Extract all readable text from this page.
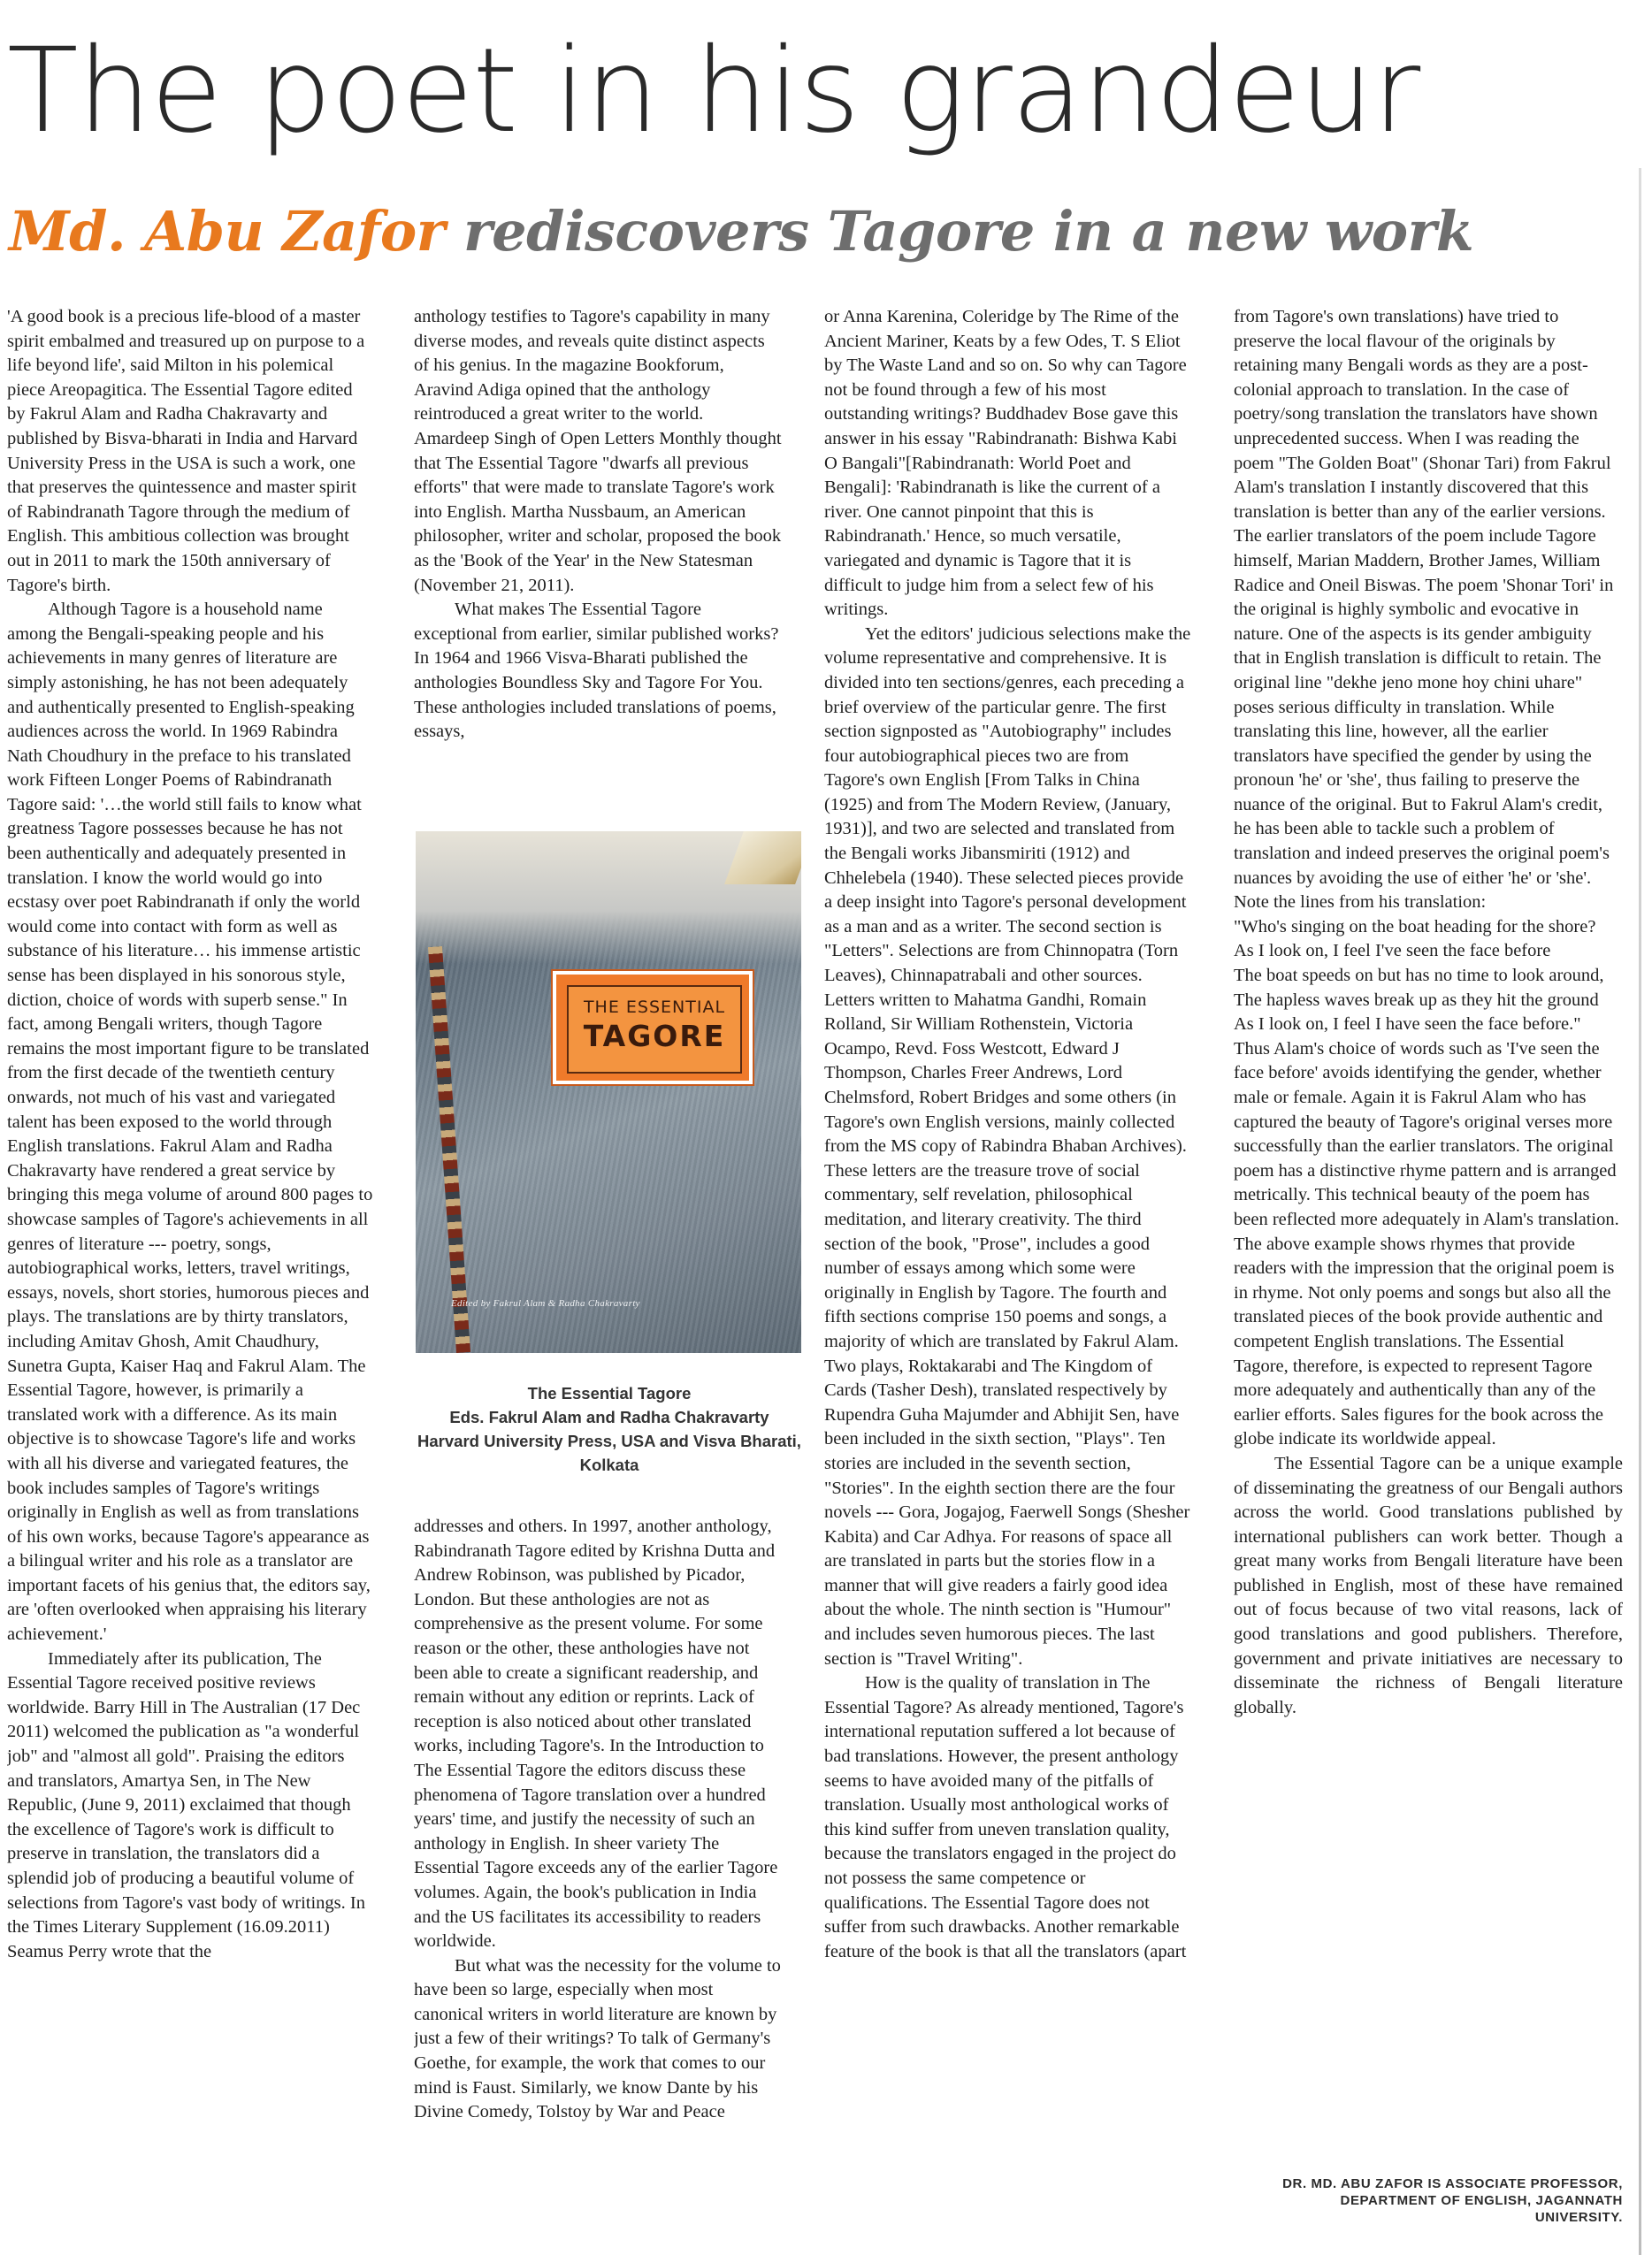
The poet in his grandeur
Md. Abu Zafor rediscovers Tagore in a new work

'A good book is a precious life-blood of a master spirit embalmed and treasured up on purpose to a life beyond life', said Milton in his polemical piece Areopagitica. The Essential Tagore edited by Fakrul Alam and Radha Chakravarty and published by Bisva-bharati in India and Harvard University Press in the USA is such a work, one that preserves the quintessence and master spirit of Rabindranath Tagore through the medium of English. This ambitious collection was brought out in 2011 to mark the 150th anniversary of Tagore's birth.

Although Tagore is a household name among the Bengali-speaking people and his achievements in many genres of literature are simply astonishing, he has not been adequately and authentically presented to English-speaking audiences across the world. In 1969 Rabindra Nath Choudhury in the preface to his translated work Fifteen Longer Poems of Rabindranath Tagore said: '…the world still fails to know what greatness Tagore possesses because he has not been authentically and adequately presented in translation. I know the world would go into ecstasy over poet Rabindranath if only the world would come into contact with form as well as substance of his literature… his immense artistic sense has been displayed in his sonorous style, diction, choice of words with superb sense." In fact, among Bengali writers, though Tagore remains the most important figure to be translated from the first decade of the twentieth century onwards, not much of his vast and variegated talent has been exposed to the world through English translations. Fakrul Alam and Radha Chakravarty have rendered a great service by bringing this mega volume of around 800 pages to showcase samples of Tagore's achievements in all genres of literature --- poetry, songs, autobiographical works, letters, travel writings, essays, novels, short stories, humorous pieces and plays. The translations are by thirty translators, including Amitav Ghosh, Amit Chaudhury, Sunetra Gupta, Kaiser Haq and Fakrul Alam. The Essential Tagore, however, is primarily a translated work with a difference. As its main objective is to showcase Tagore's life and works with all his diverse and variegated features, the book includes samples of Tagore's writings originally in English as well as from translations of his own works, because Tagore's appearance as a bilingual writer and his role as a translator are important facets of his genius that, the editors say, are 'often overlooked when appraising his literary achievement.'

Immediately after its publication, The Essential Tagore received positive reviews worldwide. Barry Hill in The Australian (17 Dec 2011) welcomed the publication as "a wonderful job" and "almost all gold". Praising the editors and translators, Amartya Sen, in The New Republic, (June 9, 2011) exclaimed that though the excellence of Tagore's work is difficult to preserve in translation, the translators did a splendid job of producing a beautiful volume of selections from Tagore's vast body of writings. In the Times Literary Supplement (16.09.2011) Seamus Perry wrote that the

anthology testifies to Tagore's capability in many diverse modes, and reveals quite distinct aspects of his genius. In the magazine Bookforum, Aravind Adiga opined that the anthology reintroduced a great writer to the world. Amardeep Singh of Open Letters Monthly thought that The Essential Tagore "dwarfs all previous efforts" that were made to translate Tagore's work into English. Martha Nussbaum, an American philosopher, writer and scholar, proposed the book as the 'Book of the Year' in the New Statesman (November 21, 2011).

What makes The Essential Tagore exceptional from earlier, similar published works? In 1964 and 1966 Visva-Bharati published the anthologies Boundless Sky and Tagore For You. These anthologies included translations of poems, essays,

THE ESSENTIAL
TAGORE
Edited by Fakrul Alam & Radha Chakravarty
The Essential Tagore
Eds. Fakrul Alam and Radha Chakravarty
Harvard University Press, USA and Visva Bharati, Kolkata

addresses and others. In 1997, another anthology, Rabindranath Tagore edited by Krishna Dutta and Andrew Robinson, was published by Picador, London. But these anthologies are not as comprehensive as the present volume. For some reason or the other, these anthologies have not been able to create a significant readership, and remain without any edition or reprints. Lack of reception is also noticed about other translated works, including Tagore's. In the Introduction to The Essential Tagore the editors discuss these phenomena of Tagore translation over a hundred years' time, and justify the necessity of such an anthology in English. In sheer variety The Essential Tagore exceeds any of the earlier Tagore volumes. Again, the book's publication in India and the US facilitates its accessibility to readers worldwide.

But what was the necessity for the volume to have been so large, especially when most canonical writers in world literature are known by just a few of their writings? To talk of Germany's Goethe, for example, the work that comes to our mind is Faust. Similarly, we know Dante by his Divine Comedy, Tolstoy by War and Peace

or Anna Karenina, Coleridge by The Rime of the Ancient Mariner, Keats by a few Odes, T. S Eliot by The Waste Land and so on. So why can Tagore not be found through a few of his most outstanding writings? Buddhadev Bose gave this answer in his essay "Rabindranath: Bishwa Kabi O Bangali"[Rabindranath: World Poet and Bengali]: 'Rabindranath is like the current of a river. One cannot pinpoint that this is Rabindranath.' Hence, so much versatile, variegated and dynamic is Tagore that it is difficult to judge him from a select few of his writings.

Yet the editors' judicious selections make the volume representative and comprehensive. It is divided into ten sections/genres, each preceding a brief overview of the particular genre. The first section signposted as "Autobiography" includes four autobiographical pieces two are from Tagore's own English [From Talks in China (1925) and from The Modern Review, (January, 1931)], and two are selected and translated from the Bengali works Jibansmiriti (1912) and Chhelebela (1940). These selected pieces provide a deep insight into Tagore's personal development as a man and as a writer. The second section is "Letters". Selections are from Chinnopatra (Torn Leaves), Chinnapatrabali and other sources. Letters written to Mahatma Gandhi, Romain Rolland, Sir William Rothenstein, Victoria Ocampo, Revd. Foss Westcott, Edward J Thompson, Charles Freer Andrews, Lord Chelmsford, Robert Bridges and some others (in Tagore's own English versions, mainly collected from the MS copy of Rabindra Bhaban Archives). These letters are the treasure trove of social commentary, self revelation, philosophical meditation, and literary creativity. The third section of the book, "Prose", includes a good number of essays among which some were originally in English by Tagore. The fourth and fifth sections comprise 150 poems and songs, a majority of which are translated by Fakrul Alam. Two plays, Roktakarabi and The Kingdom of Cards (Tasher Desh), translated respectively by Rupendra Guha Majumder and Abhijit Sen, have been included in the sixth section, "Plays". Ten stories are included in the seventh section, "Stories". In the eighth section there are the four novels --- Gora, Jogajog, Faerwell Songs (Shesher Kabita) and Car Adhya. For reasons of space all are translated in parts but the stories flow in a manner that will give readers a fairly good idea about the whole. The ninth section is "Humour" and includes seven humorous pieces. The last section is "Travel Writing".

How is the quality of translation in The Essential Tagore? As already mentioned, Tagore's international reputation suffered a lot because of bad translations. However, the present anthology seems to have avoided many of the pitfalls of translation. Usually most anthological works of this kind suffer from uneven translation quality, because the translators engaged in the project do not possess the same competence or qualifications. The Essential Tagore does not suffer from such drawbacks. Another remarkable feature of the book is that all the translators (apart

from Tagore's own translations) have tried to preserve the local flavour of the originals by retaining many Bengali words as they are a post-colonial approach to translation. In the case of poetry/song translation the translators have shown unprecedented success. When I was reading the poem "The Golden Boat" (Shonar Tari) from Fakrul Alam's translation I instantly discovered that this translation is better than any of the earlier versions. The earlier translators of the poem include Tagore himself, Marian Maddern, Brother James, William Radice and Oneil Biswas. The poem 'Shonar Tori' in the original is highly symbolic and evocative in nature. One of the aspects is its gender ambiguity that in English translation is difficult to retain. The original line "dekhe jeno mone hoy chini uhare" poses serious difficulty in translation. While translating this line, however, all the earlier translators have specified the gender by using the pronoun 'he' or 'she', thus failing to preserve the nuance of the original. But to Fakrul Alam's credit, he has been able to tackle such a problem of translation and indeed preserves the original poem's nuances by avoiding the use of either 'he' or 'she'. Note the lines from his translation:

"Who's singing on the boat heading for the shore?

As I look on, I feel I've seen the face before

The boat speeds on but has no time to look around,

The hapless waves break up as they hit the ground

As I look on, I feel I have seen the face before."

Thus Alam's choice of words such as 'I've seen the face before' avoids identifying the gender, whether male or female. Again it is Fakrul Alam who has captured the beauty of Tagore's original verses more successfully than the earlier translators. The original poem has a distinctive rhyme pattern and is arranged metrically. This technical beauty of the poem has been reflected more adequately in Alam's translation. The above example shows rhymes that provide readers with the impression that the original poem is in rhyme. Not only poems and songs but also all the translated pieces of the book provide authentic and competent English translations. The Essential Tagore, therefore, is expected to represent Tagore more adequately and authentically than any of the earlier efforts. Sales figures for the book across the globe indicate its worldwide appeal.

The Essential Tagore can be a unique example of disseminating the greatness of our Bengali authors across the world. Good translations published by international publishers can work better. Though a great many works from Bengali literature have been published in English, most of these have remained out of focus because of two vital reasons, lack of good translations and good publishers. Therefore, government and private initiatives are necessary to disseminate the richness of Bengali literature globally.

DR. MD. ABU ZAFOR IS ASSOCIATE PROFESSOR,
DEPARTMENT OF ENGLISH, JAGANNATH
UNIVERSITY.
